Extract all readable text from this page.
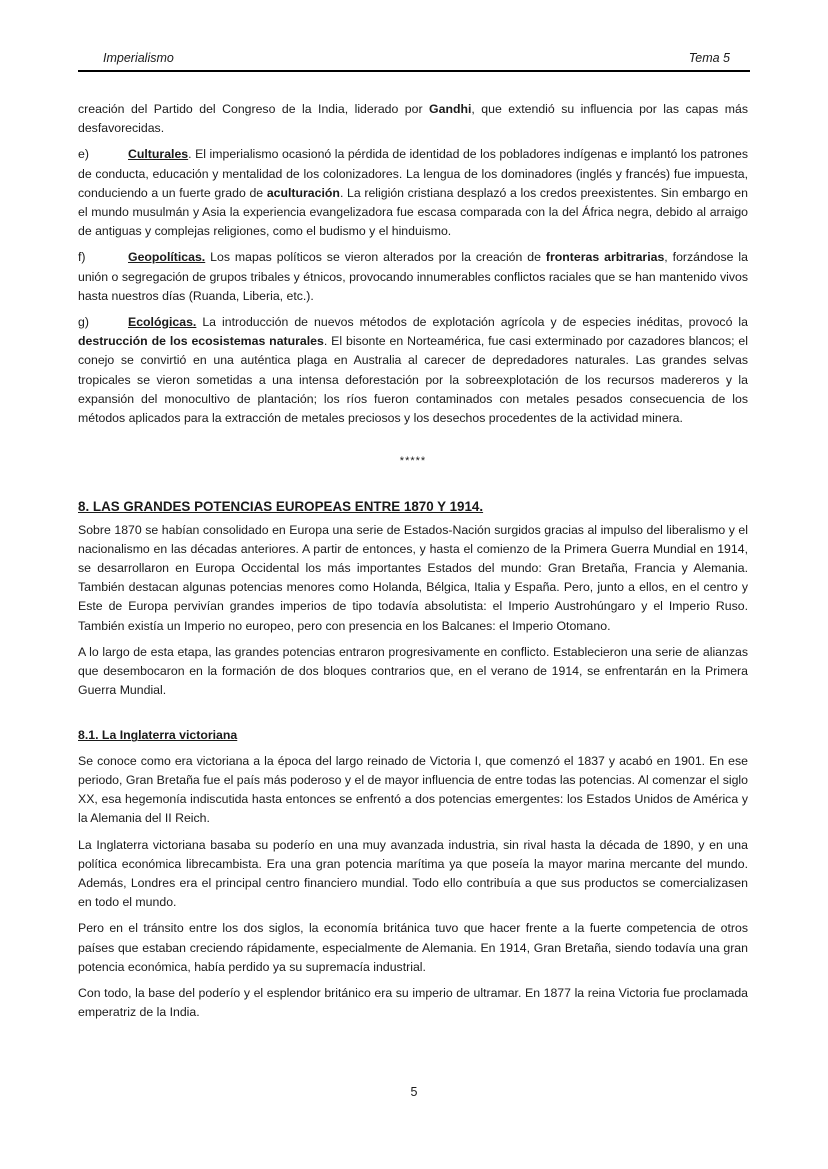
Imperialismo	Tema 5

creación del Partido del Congreso de la India, liderado por Gandhi, que extendió su influencia por las capas más desfavorecidas.

e)	Culturales. El imperialismo ocasionó la pérdida de identidad de los pobladores indígenas e implantó los patrones de conducta, educación y mentalidad de los colonizadores. La lengua de los dominadores (inglés y francés) fue impuesta, conduciendo a un fuerte grado de aculturación. La religión cristiana desplazó a los credos preexistentes. Sin embargo en el mundo musulmán y Asia la experiencia evangelizadora fue escasa comparada con la del África negra, debido al arraigo de antiguas y complejas religiones, como el budismo y el hinduismo.

f)	Geopolíticas. Los mapas políticos se vieron alterados por la creación de fronteras arbitrarias, forzándose la unión o segregación de grupos tribales y étnicos, provocando innumerables conflictos raciales que se han mantenido vivos hasta nuestros días (Ruanda, Liberia, etc.).

g)	Ecológicas. La introducción de nuevos métodos de explotación agrícola y de especies inéditas, provocó la destrucción de los ecosistemas naturales. El bisonte en Norteamérica, fue casi exterminado por cazadores blancos; el conejo se convirtió en una auténtica plaga en Australia al carecer de depredadores naturales. Las grandes selvas tropicales se vieron sometidas a una intensa deforestación por la sobreexplotación de los recursos madereros y la expansión del monocultivo de plantación; los ríos fueron contaminados con metales pesados consecuencia de los métodos aplicados para la extracción de metales preciosos y los desechos procedentes de la actividad minera.

*****
8. LAS GRANDES POTENCIAS EUROPEAS ENTRE 1870 Y 1914.

Sobre 1870 se habían consolidado en Europa una serie de Estados-Nación surgidos gracias al impulso del liberalismo y el nacionalismo en las décadas anteriores. A partir de entonces, y hasta el comienzo de la Primera Guerra Mundial en 1914, se desarrollaron en Europa Occidental los más importantes Estados del mundo: Gran Bretaña, Francia y Alemania. También destacan algunas potencias menores como Holanda, Bélgica, Italia y España. Pero, junto a ellos, en el centro y Este de Europa pervivían grandes imperios de tipo todavía absolutista: el Imperio Austrohúngaro y el Imperio Ruso. También existía un Imperio no europeo, pero con presencia en los Balcanes: el Imperio Otomano.

A lo largo de esta etapa, las grandes potencias entraron progresivamente en conflicto. Establecieron una serie de alianzas que desembocaron en la formación de dos bloques contrarios que, en el verano de 1914, se enfrentarán en la Primera Guerra Mundial.

8.1. La Inglaterra victoriana

Se conoce como era victoriana a la época del largo reinado de Victoria I, que comenzó el 1837 y acabó en 1901. En ese periodo, Gran Bretaña fue el país más poderoso y el de mayor influencia de entre todas las potencias. Al comenzar el siglo XX, esa hegemonía indiscutida hasta entonces se enfrentó a dos potencias emergentes: los Estados Unidos de América y la Alemania del II Reich.

La Inglaterra victoriana basaba su poderío en una muy avanzada industria, sin rival hasta la década de 1890, y en una política económica librecambista. Era una gran potencia marítima ya que poseía la mayor marina mercante del mundo. Además, Londres era el principal centro financiero mundial. Todo ello contribuía a que sus productos se comercializasen en todo el mundo.

Pero en el tránsito entre los dos siglos, la economía británica tuvo que hacer frente a la fuerte competencia de otros países que estaban creciendo rápidamente, especialmente de Alemania. En 1914, Gran Bretaña, siendo todavía una gran potencia económica, había perdido ya su supremacía industrial.

Con todo, la base del poderío y el esplendor británico era su imperio de ultramar. En 1877 la reina Victoria fue proclamada emperatriz de la India.

5
